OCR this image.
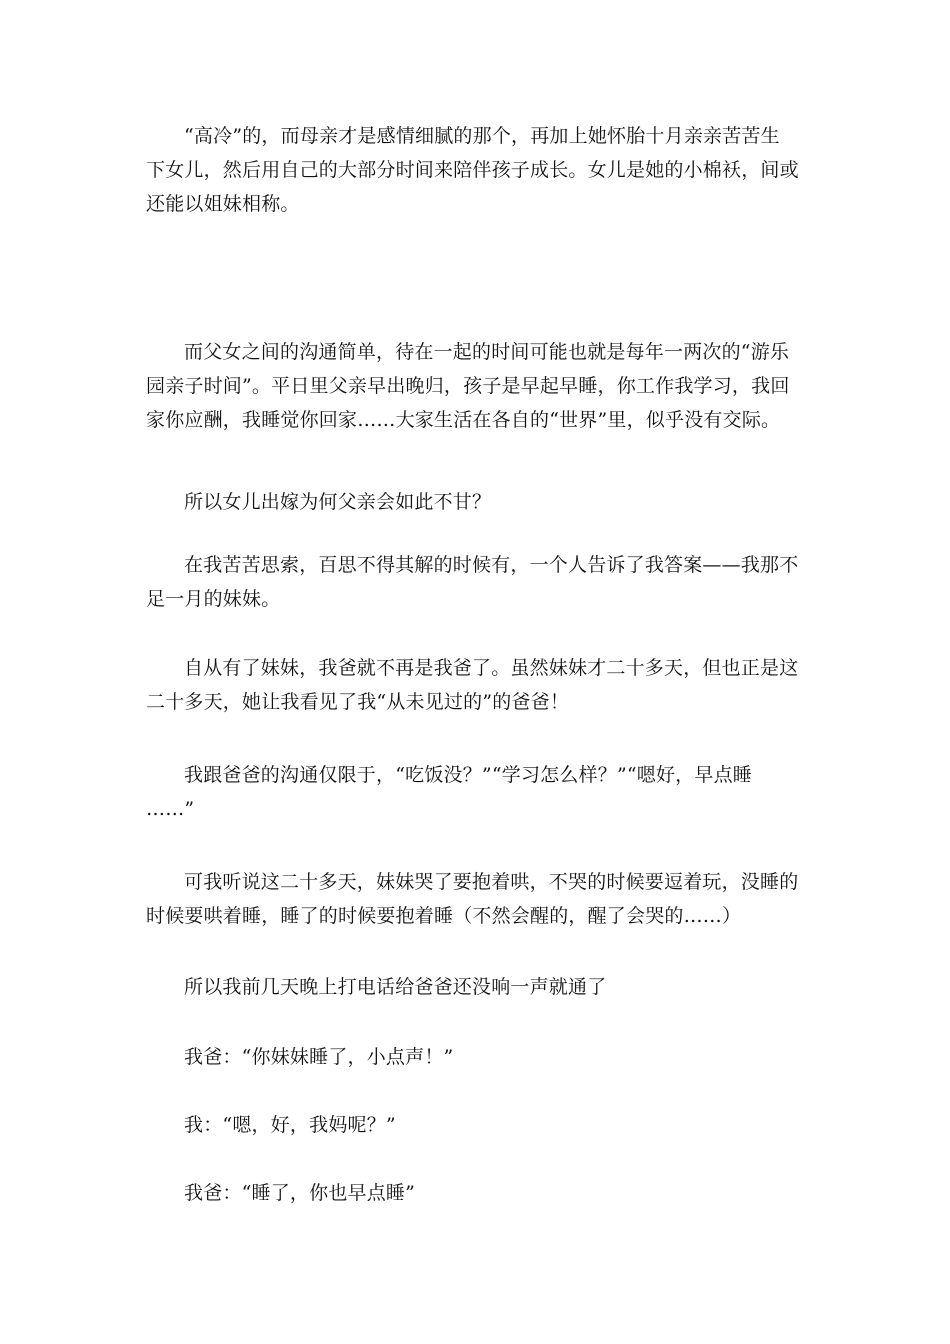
“高冷”的，而母亲才是感情细腻的那个，再加上她怀胎十月亲亲苦苦生
下女儿，然后用自己的大部分时间来陪伴孩子成长。女儿是她的小棉袄，间或
还能以姐妹相称。
而父女之间的沟通简单，待在一起的时间可能也就是每年一两次的“游乐
园亲子时间”。平日里父亲早出晚归，孩子是早起早睡，你工作我学习，我回
家你应酬，我睡觉你回家……大家生活在各自的“世界”里，似乎没有交际。
所以女儿出嫁为何父亲会如此不甘？
在我苦苦思索，百思不得其解的时候有，一个人告诉了我答案——我那不
足一月的妹妹。
自从有了妹妹，我爸就不再是我爸了。虽然妹妹才二十多天，但也正是这
二十多天，她让我看见了我“从未见过的”的爸爸！
我跟爸爸的沟通仅限于，“吃饭没？”“学习怎么样？”“嗯好，早点睡
……”
可我听说这二十多天，妹妹哭了要抱着哄，不哭的时候要逗着玩，没睡的
时候要哄着睡，睡了的时候要抱着睡（不然会醒的，醒了会哭的……）
所以我前几天晚上打电话给爸爸还没响一声就通了
我爸：“你妹妹睡了，小点声！”
我：“嗯，好，我妈呢？”
我爸：“睡了，你也早点睡”
